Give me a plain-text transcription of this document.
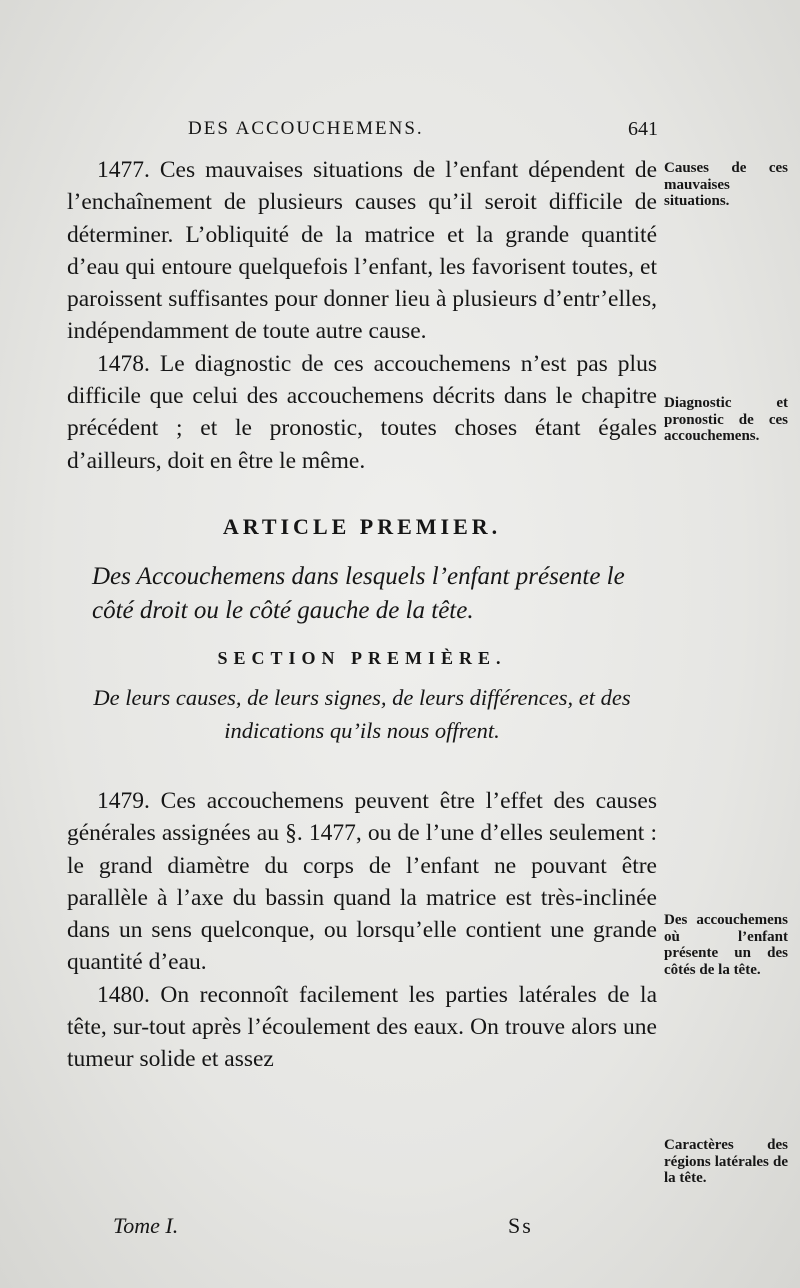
DES ACCOUCHEMENS.	641

1477. Ces mauvaises situations de l’enfant dépendent de l’enchaînement de plusieurs causes qu’il seroit difficile de déterminer. L’obliquité de la matrice et la grande quantité d’eau qui entoure quelquefois l’enfant, les favorisent toutes, et paroissent suffisantes pour donner lieu à plusieurs d’entr’elles, indépendamment de toute autre cause.

1478. Le diagnostic de ces accouchemens n’est pas plus difficile que celui des accouchemens décrits dans le chapitre précédent ; et le pronostic, toutes choses étant égales d’ailleurs, doit en être le même.

ARTICLE PREMIER.
Des Accouchemens dans lesquels l’enfant présente le côté droit ou le côté gauche de la tête.
SECTION PREMIÈRE.
De leurs causes, de leurs signes, de leurs différences, et des indications qu’ils nous offrent.

1479. Ces accouchemens peuvent être l’effet des causes générales assignées au §. 1477, ou de l’une d’elles seulement : le grand diamètre du corps de l’enfant ne pouvant être parallèle à l’axe du bassin quand la matrice est très-inclinée dans un sens quelconque, ou lorsqu’elle contient une grande quantité d’eau.

1480. On reconnoît facilement les parties latérales de la tête, sur-tout après l’écoulement des eaux. On trouve alors une tumeur solide et assez

Causes de ces mauvaises situations.
Diagnostic et pronostic de ces accouchemens.
Des accouchemens où l’enfant présente un des côtés de la tête.
Caractères des régions latérales de la tête.
Tome I.	Ss
